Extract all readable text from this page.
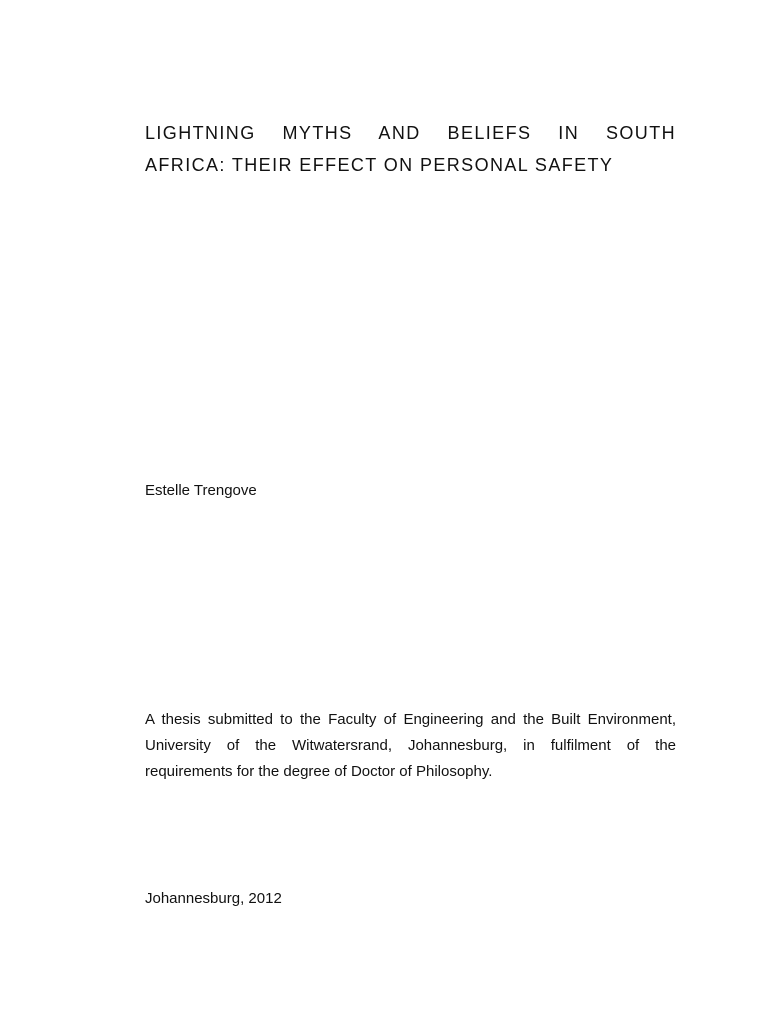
LIGHTNING MYTHS AND BELIEFS IN SOUTH
AFRICA: THEIR EFFECT ON PERSONAL SAFETY

Estelle Trengove

A thesis submitted to the Faculty of Engineering and the Built Environment,
University of the Witwatersrand, Johannesburg, in fulfilment of the
requirements for the degree of Doctor of Philosophy.

Johannesburg, 2012
